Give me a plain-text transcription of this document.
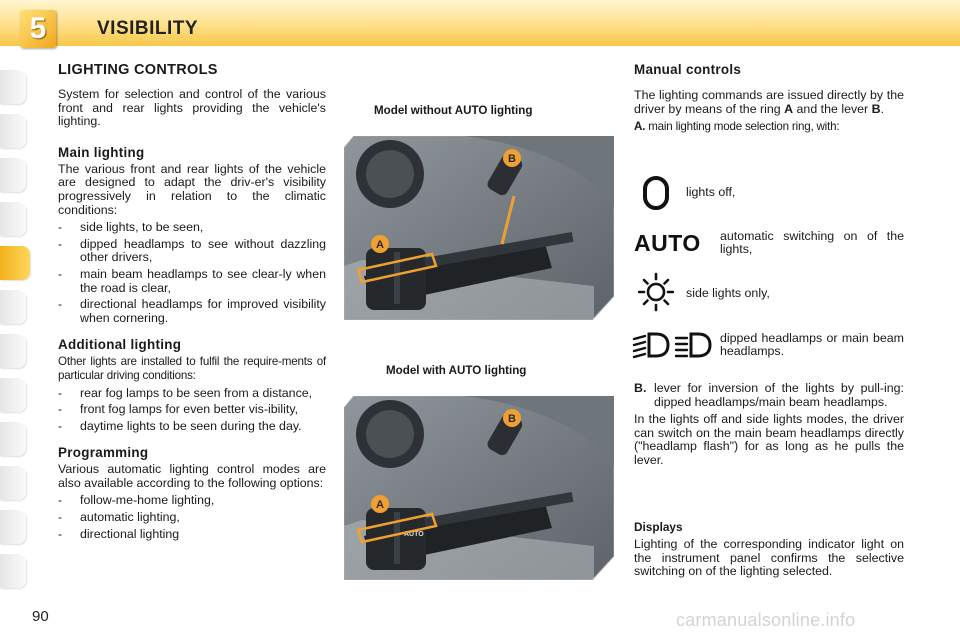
5	VISIBILITY
LIGHTING CONTROLS

System for selection and control of the various front and rear lights providing the vehicle's lighting.

Main lighting

The various front and rear lights of the vehicle are designed to adapt the driv-er's visibility progressively in relation to the climatic conditions:

- side lights, to be seen,
- dipped headlamps to see without dazzling other drivers,
- main beam headlamps to see clear-ly when the road is clear,
- directional headlamps for improved visibility when cornering.
Additional lighting

Other lights are installed to fulfil the require-ments of particular driving conditions:

- rear fog lamps to be seen from a distance,
- front fog lamps for even better vis-ibility,
- daytime lights to be seen during the day.
Programming

Various automatic lighting control modes are also available according to the following options:

- follow-me-home lighting,
- automatic lighting,
- directional lighting
Model without AUTO lighting
B
A
Model with AUTO lighting
AUTO
B
A
Manual controls

The lighting commands are issued directly by the driver by means of the ring A and the lever B.

A. main lighting mode selection ring, with:

lights off,
AUTO automatic switching on of the lights,
side lights only,
dipped headlamps or main beam headlamps.
- B. lever for inversion of the lights by pull-ing: dipped headlamps/main beam headlamps.

In the lights off and side lights modes, the driver can switch on the main beam headlamps directly ("headlamp flash") for as long as he pulls the lever.

Displays

Lighting of the corresponding indicator light on the instrument panel confirms the selective switching on of the lighting selected.

90	carmanualsonline.info
